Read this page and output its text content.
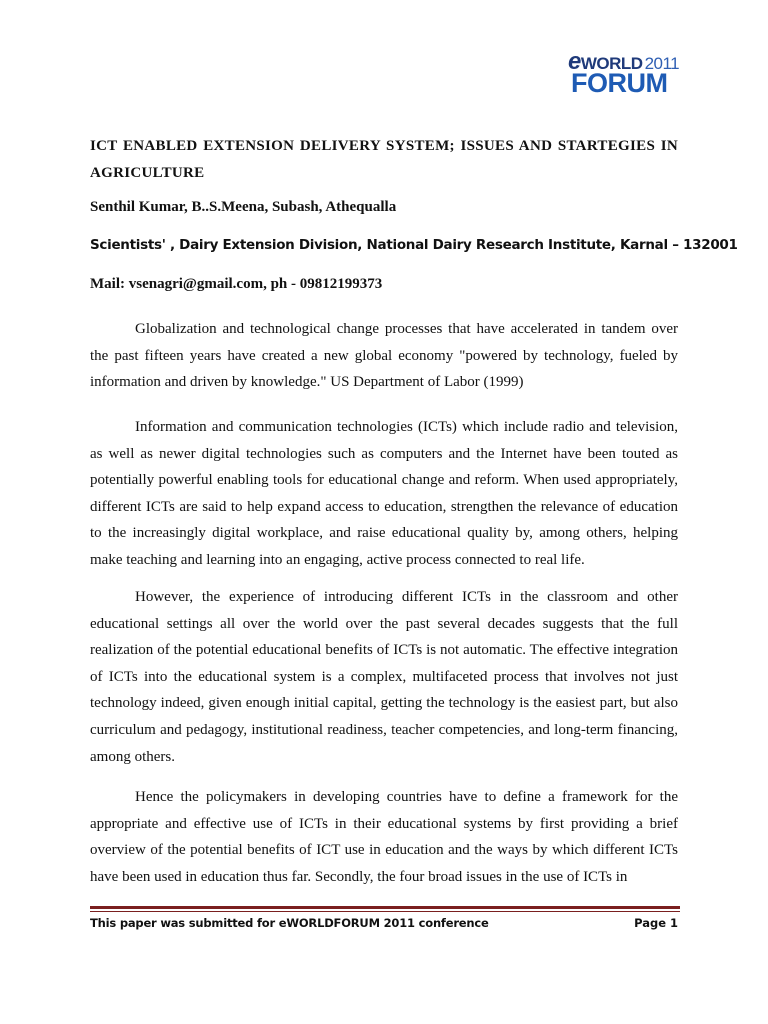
eWORLD 2011
FORUM

ICT ENABLED EXTENSION DELIVERY SYSTEM; ISSUES AND STARTEGIES IN AGRICULTURE

Senthil Kumar, B..S.Meena, Subash, Athequalla

Scientists' , Dairy Extension Division, National Dairy Research Institute, Karnal – 132001

Mail: vsenagri@gmail.com, ph - 09812199373

Globalization and technological change processes that have accelerated in tandem over the past fifteen years have created a new global economy "powered by technology, fueled by information and driven by knowledge." US Department of Labor (1999)

Information and communication technologies (ICTs) which include radio and television, as well as newer digital technologies such as computers and the Internet have been touted as potentially powerful enabling tools for educational change and reform. When used appropriately, different ICTs are said to help expand access to education, strengthen the relevance of education to the increasingly digital workplace, and raise educational quality by, among others, helping make teaching and learning into an engaging, active process connected to real life.

However, the experience of introducing different ICTs in the classroom and other educational settings all over the world over the past several decades suggests that the full realization of the potential educational benefits of ICTs is not automatic. The effective integration of ICTs into the educational system is a complex, multifaceted process that involves not just technology indeed, given enough initial capital, getting the technology is the easiest part, but also curriculum and pedagogy, institutional readiness, teacher competencies, and long-term financing, among others.

Hence the policymakers in developing countries have to define a framework for the appropriate and effective use of ICTs in their educational systems by first providing a brief overview of the potential benefits of ICT use in education and the ways by which different ICTs have been used in education thus far. Secondly, the four broad issues in the use of ICTs in

This paper was submitted for eWORLDFORUM 2011 conference	Page 1
